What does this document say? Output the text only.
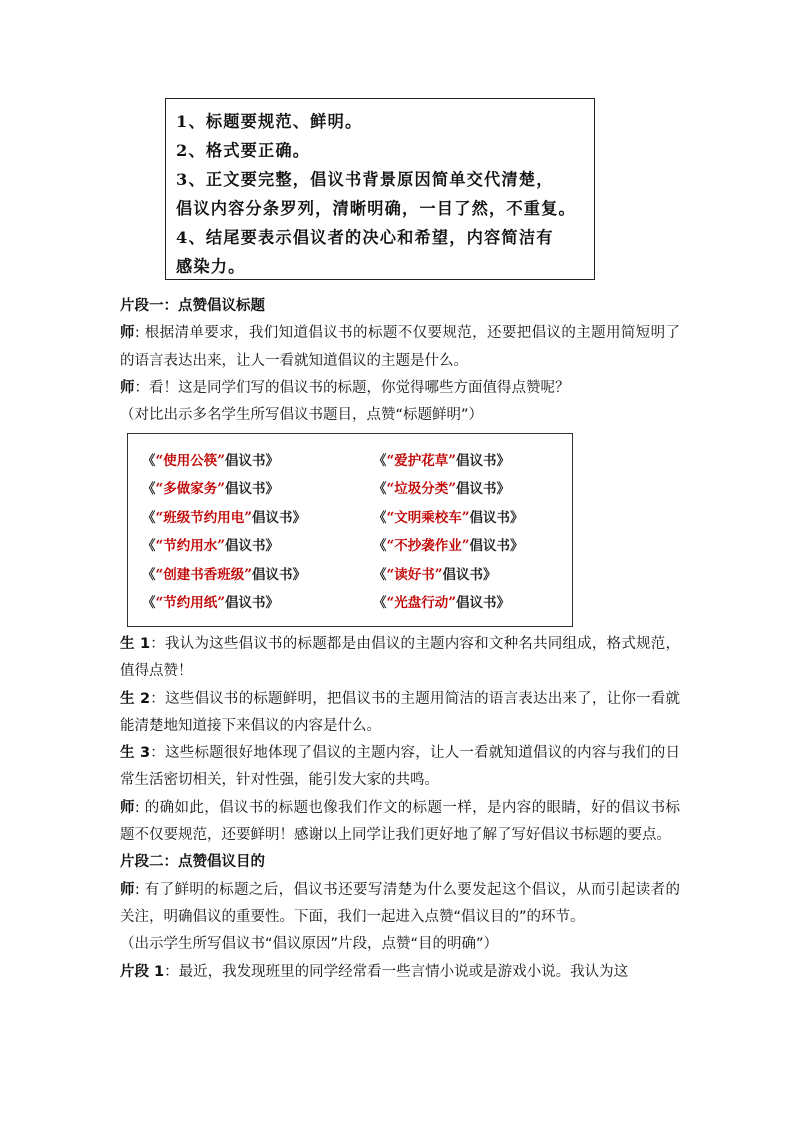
1、标题要规范、鲜明。
2、格式要正确。
3、正文要完整，倡议书背景原因简单交代清楚，
倡议内容分条罗列，清晰明确，一目了然，不重复。
4、结尾要表示倡议者的决心和希望，内容简洁有
感染力。

片段一：点赞倡议标题

师: 根据清单要求，我们知道倡议书的标题不仅要规范，还要把倡议的主题用简短明了的语言表达出来，让人一看就知道倡议的主题是什么。

师：看！这是同学们写的倡议书的标题，你觉得哪些方面值得点赞呢？

（对比出示多名学生所写倡议书题目，点赞“标题鲜明”）

《“使用公筷”倡议书》
《“多做家务”倡议书》
《“班级节约用电”倡议书》
《“节约用水”倡议书》
《“创建书香班级”倡议书》
《“节约用纸”倡议书》
《“爱护花草”倡议书》
《“垃圾分类”倡议书》
《“文明乘校车”倡议书》
《“不抄袭作业”倡议书》
《“读好书”倡议书》
《“光盘行动”倡议书》

生 1：我认为这些倡议书的标题都是由倡议的主题内容和文种名共同组成，格式规范，值得点赞！

生 2：这些倡议书的标题鲜明，把倡议书的主题用简洁的语言表达出来了，让你一看就能清楚地知道接下来倡议的内容是什么。

生 3：这些标题很好地体现了倡议的主题内容，让人一看就知道倡议的内容与我们的日常生活密切相关，针对性强，能引发大家的共鸣。

师: 的确如此，倡议书的标题也像我们作文的标题一样，是内容的眼睛，好的倡议书标题不仅要规范，还要鲜明！感谢以上同学让我们更好地了解了写好倡议书标题的要点。

片段二：点赞倡议目的

师: 有了鲜明的标题之后，倡议书还要写清楚为什么要发起这个倡议，从而引起读者的关注，明确倡议的重要性。下面，我们一起进入点赞“倡议目的”的环节。

（出示学生所写倡议书“倡议原因”片段，点赞“目的明确”）

片段 1：最近，我发现班里的同学经常看一些言情小说或是游戏小说。我认为这
